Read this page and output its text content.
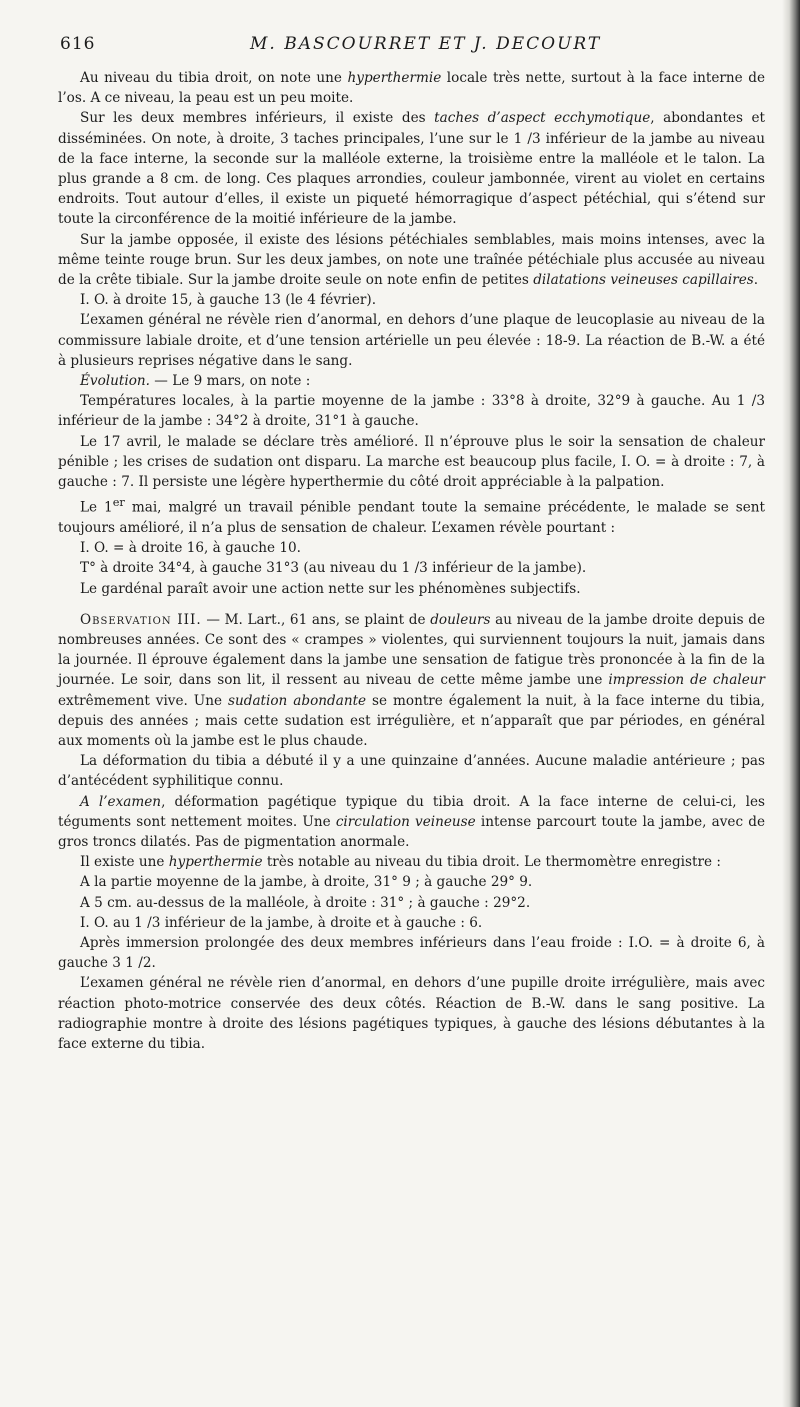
616	M. BASCOURRET ET J. DECOURT

Au niveau du tibia droit, on note une hyperthermie locale très nette, surtout à la face interne de l’os. A ce niveau, la peau est un peu moite.

Sur les deux membres inférieurs, il existe des taches d’aspect ecchymotique, abondantes et disséminées. On note, à droite, 3 taches principales, l’une sur le 1 /3 inférieur de la jambe au niveau de la face interne, la seconde sur la malléole externe, la troisième entre la malléole et le talon. La plus grande a 8 cm. de long. Ces plaques arrondies, couleur jambonnée, virent au violet en certains endroits. Tout autour d’elles, il existe un piqueté hémorragique d’aspect pétéchial, qui s’étend sur toute la circonférence de la moitié inférieure de la jambe.

Sur la jambe opposée, il existe des lésions pétéchiales semblables, mais moins intenses, avec la même teinte rouge brun. Sur les deux jambes, on note une traînée pétéchiale plus accusée au niveau de la crête tibiale. Sur la jambe droite seule on note enfin de petites dilatations veineuses capillaires.

I. O. à droite 15, à gauche 13 (le 4 février).

L’examen général ne révèle rien d’anormal, en dehors d’une plaque de leucoplasie au niveau de la commissure labiale droite, et d’une tension artérielle un peu élevée : 18-9. La réaction de B.-W. a été à plusieurs reprises négative dans le sang.

Évolution. — Le 9 mars, on note :

Températures locales, à la partie moyenne de la jambe : 33°8 à droite, 32°9 à gauche. Au 1 /3 inférieur de la jambe : 34°2 à droite, 31°1 à gauche.

Le 17 avril, le malade se déclare très amélioré. Il n’éprouve plus le soir la sensation de chaleur pénible ; les crises de sudation ont disparu. La marche est beaucoup plus facile, I. O. = à droite : 7, à gauche : 7. Il persiste une légère hyperthermie du côté droit appréciable à la palpation.

Le 1er mai, malgré un travail pénible pendant toute la semaine précédente, le malade se sent toujours amélioré, il n’a plus de sensation de chaleur. L’examen révèle pourtant :

I. O. = à droite 16, à gauche 10.

T° à droite 34°4, à gauche 31°3 (au niveau du 1 /3 inférieur de la jambe).

Le gardénal paraît avoir une action nette sur les phénomènes subjectifs.

Observation III. — M. Lart., 61 ans, se plaint de douleurs au niveau de la jambe droite depuis de nombreuses années. Ce sont des « crampes » violentes, qui surviennent toujours la nuit, jamais dans la journée. Il éprouve également dans la jambe une sensation de fatigue très prononcée à la fin de la journée. Le soir, dans son lit, il ressent au niveau de cette même jambe une impression de chaleur extrêmement vive. Une sudation abondante se montre également la nuit, à la face interne du tibia, depuis des années ; mais cette sudation est irrégulière, et n’apparaît que par périodes, en général aux moments où la jambe est le plus chaude.

La déformation du tibia a débuté il y a une quinzaine d’années. Aucune maladie antérieure ; pas d’antécédent syphilitique connu.

A l’examen, déformation pagétique typique du tibia droit. A la face interne de celui-ci, les téguments sont nettement moites. Une circulation veineuse intense parcourt toute la jambe, avec de gros troncs dilatés. Pas de pigmentation anormale.

Il existe une hyperthermie très notable au niveau du tibia droit. Le thermomètre enregistre :

A la partie moyenne de la jambe, à droite, 31° 9 ; à gauche 29° 9.

A 5 cm. au-dessus de la malléole, à droite : 31° ; à gauche : 29°2.

I. O. au 1 /3 inférieur de la jambe, à droite et à gauche : 6.

Après immersion prolongée des deux membres inférieurs dans l’eau froide : I.O. = à droite 6, à gauche 3 1 /2.

L’examen général ne révèle rien d’anormal, en dehors d’une pupille droite irrégulière, mais avec réaction photo-motrice conservée des deux côtés. Réaction de B.-W. dans le sang positive. La radiographie montre à droite des lésions pagétiques typiques, à gauche des lésions débutantes à la face externe du tibia.
